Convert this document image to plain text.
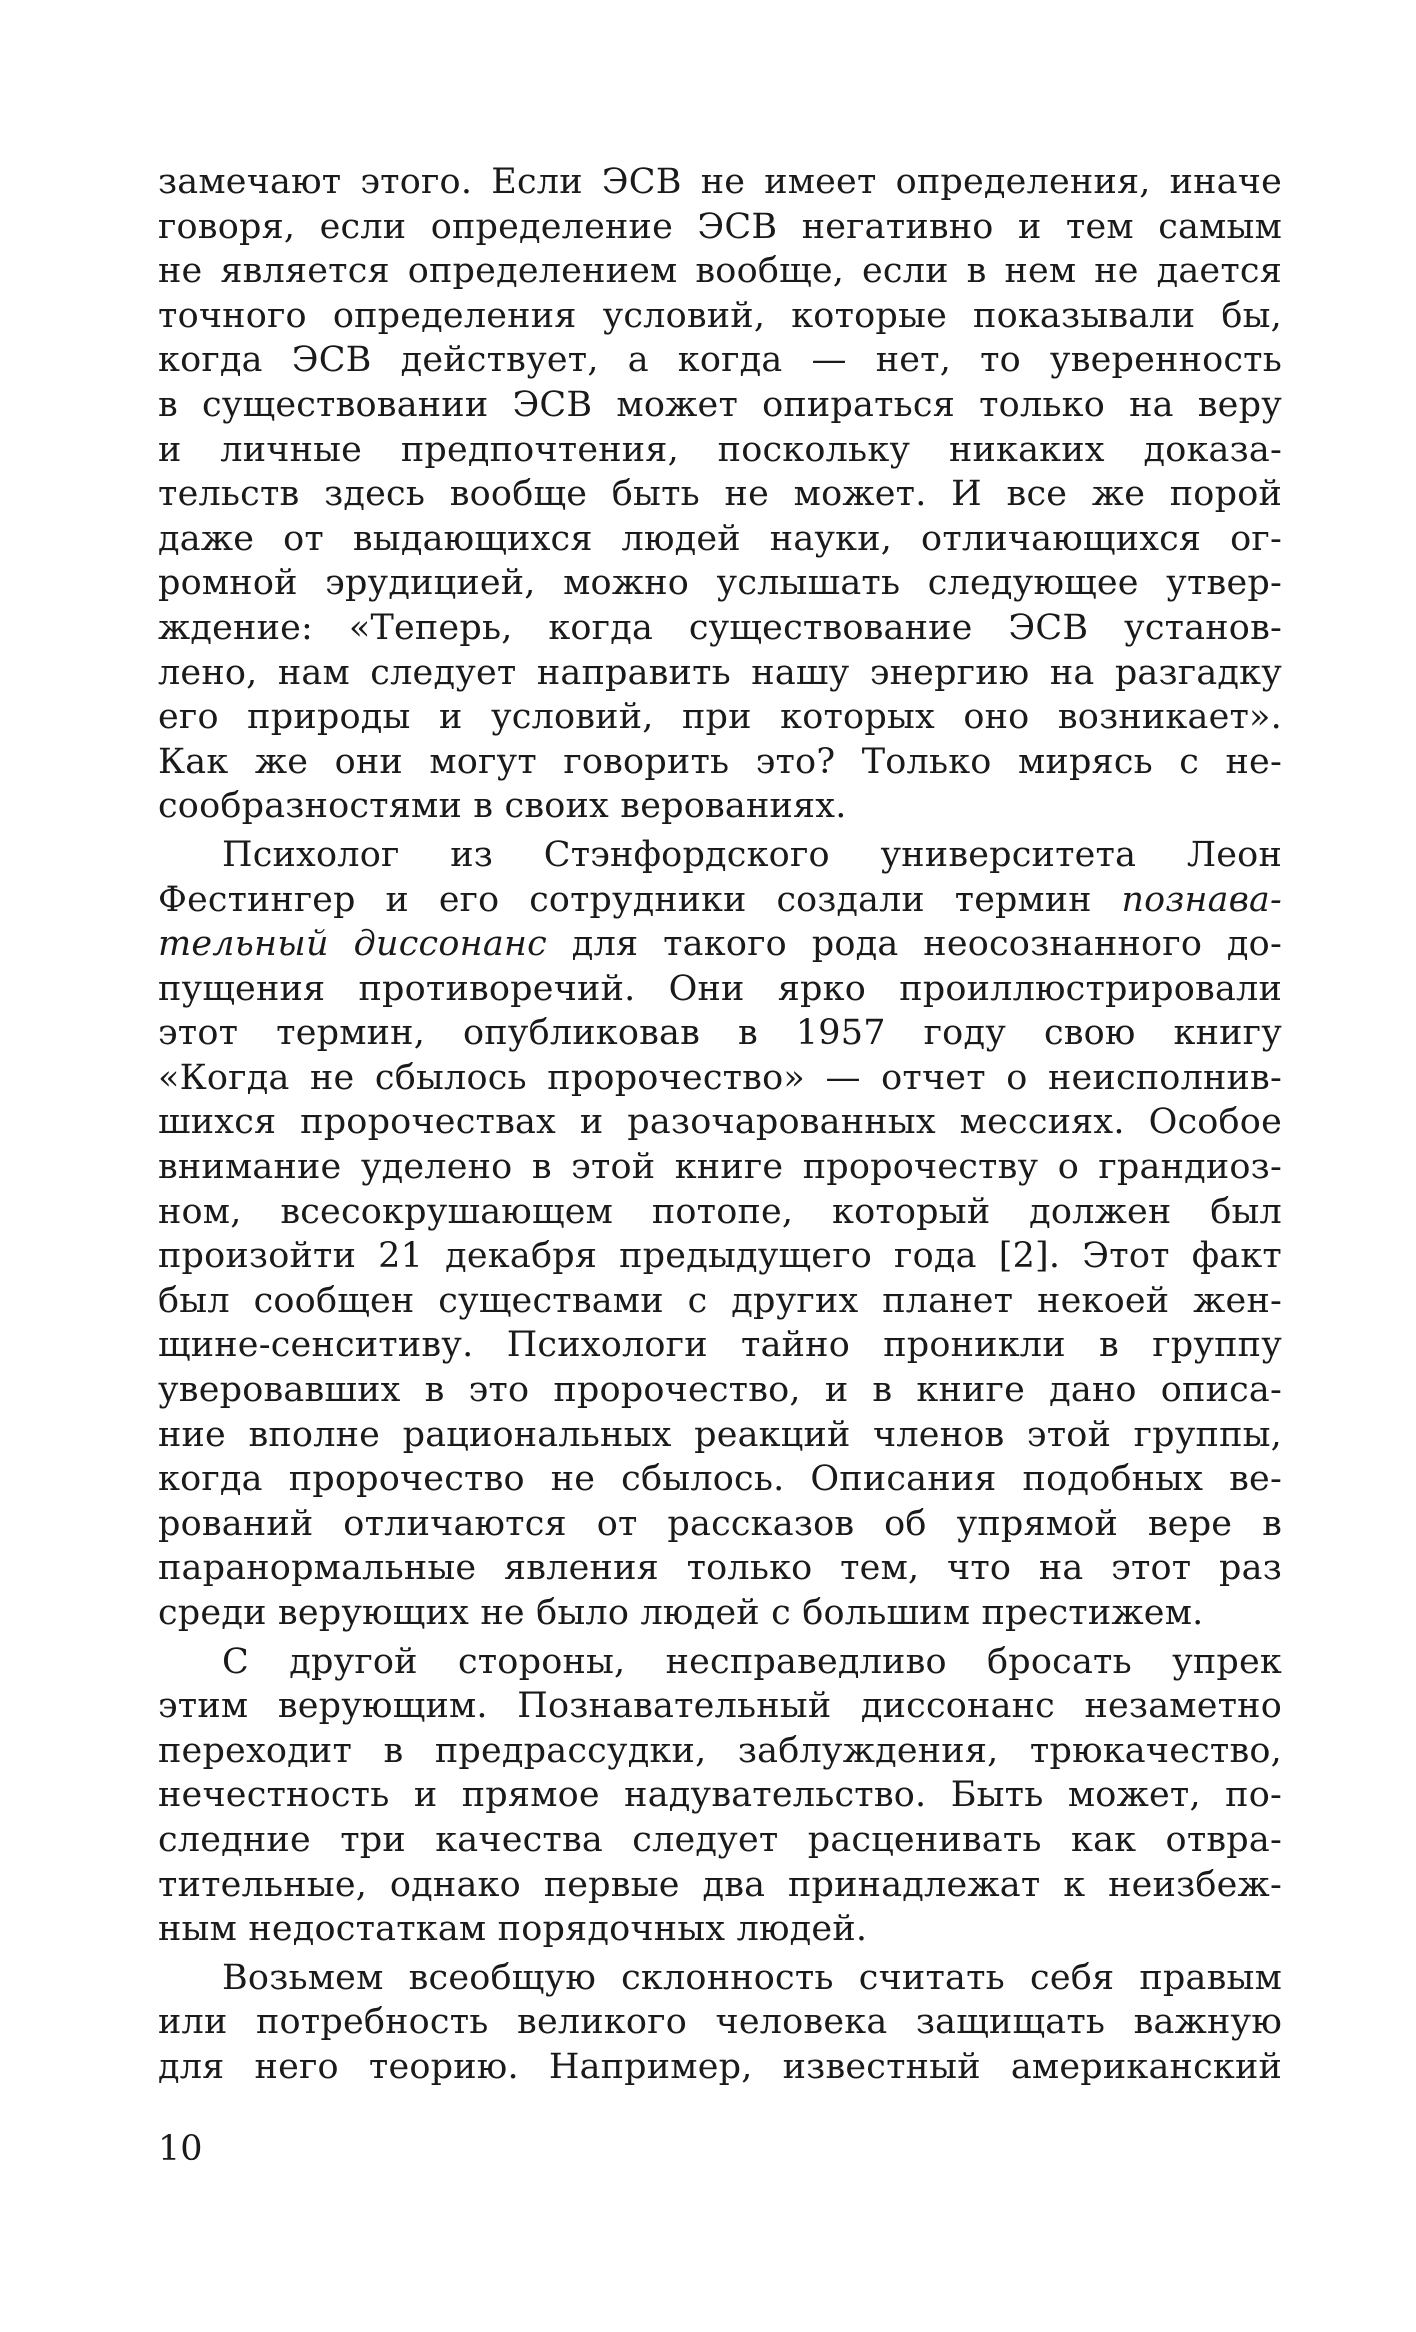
замечают этого. Если ЭСВ не имеет определения, иначе
говоря, если определение ЭСВ негативно и тем самым
не является определением вообще, если в нем не дается
точного определения условий, которые показывали бы,
когда ЭСВ действует, а когда — нет, то уверенность
в существовании ЭСВ может опираться только на веру
и личные предпочтения, поскольку никаких доказа-
тельств здесь вообще быть не может. И все же порой
даже от выдающихся людей науки, отличающихся ог-
ромной эрудицией, можно услышать следующее утвер-
ждение: «Теперь, когда существование ЭСВ установ-
лено, нам следует направить нашу энергию на разгадку
его природы и условий, при которых оно возникает».
Как же они могут говорить это? Только мирясь с не-
сообразностями в своих верованиях.

Психолог из Стэнфордского университета Леон
Фестингер и его сотрудники создали термин познава-
тельный диссонанс для такого рода неосознанного до-
пущения противоречий. Они ярко проиллюстрировали
этот термин, опубликовав в 1957 году свою книгу
«Когда не сбылось пророчество» — отчет о неисполнив-
шихся пророчествах и разочарованных мессиях. Особое
внимание уделено в этой книге пророчеству о грандиоз-
ном, всесокрушающем потопе, который должен был
произойти 21 декабря предыдущего года [2]. Этот факт
был сообщен существами с других планет некоей жен-
щине-сенситиву. Психологи тайно проникли в группу
уверовавших в это пророчество, и в книге дано описа-
ние вполне рациональных реакций членов этой группы,
когда пророчество не сбылось. Описания подобных ве-
рований отличаются от рассказов об упрямой вере в
паранормальные явления только тем, что на этот раз
среди верующих не было людей с большим престижем.

С другой стороны, несправедливо бросать упрек
этим верующим. Познавательный диссонанс незаметно
переходит в предрассудки, заблуждения, трюкачество,
нечестность и прямое надувательство. Быть может, по-
следние три качества следует расценивать как отвра-
тительные, однако первые два принадлежат к неизбеж-
ным недостаткам порядочных людей.

Возьмем всеобщую склонность считать себя правым
или потребность великого человека защищать важную
для него теорию. Например, известный американский

10
